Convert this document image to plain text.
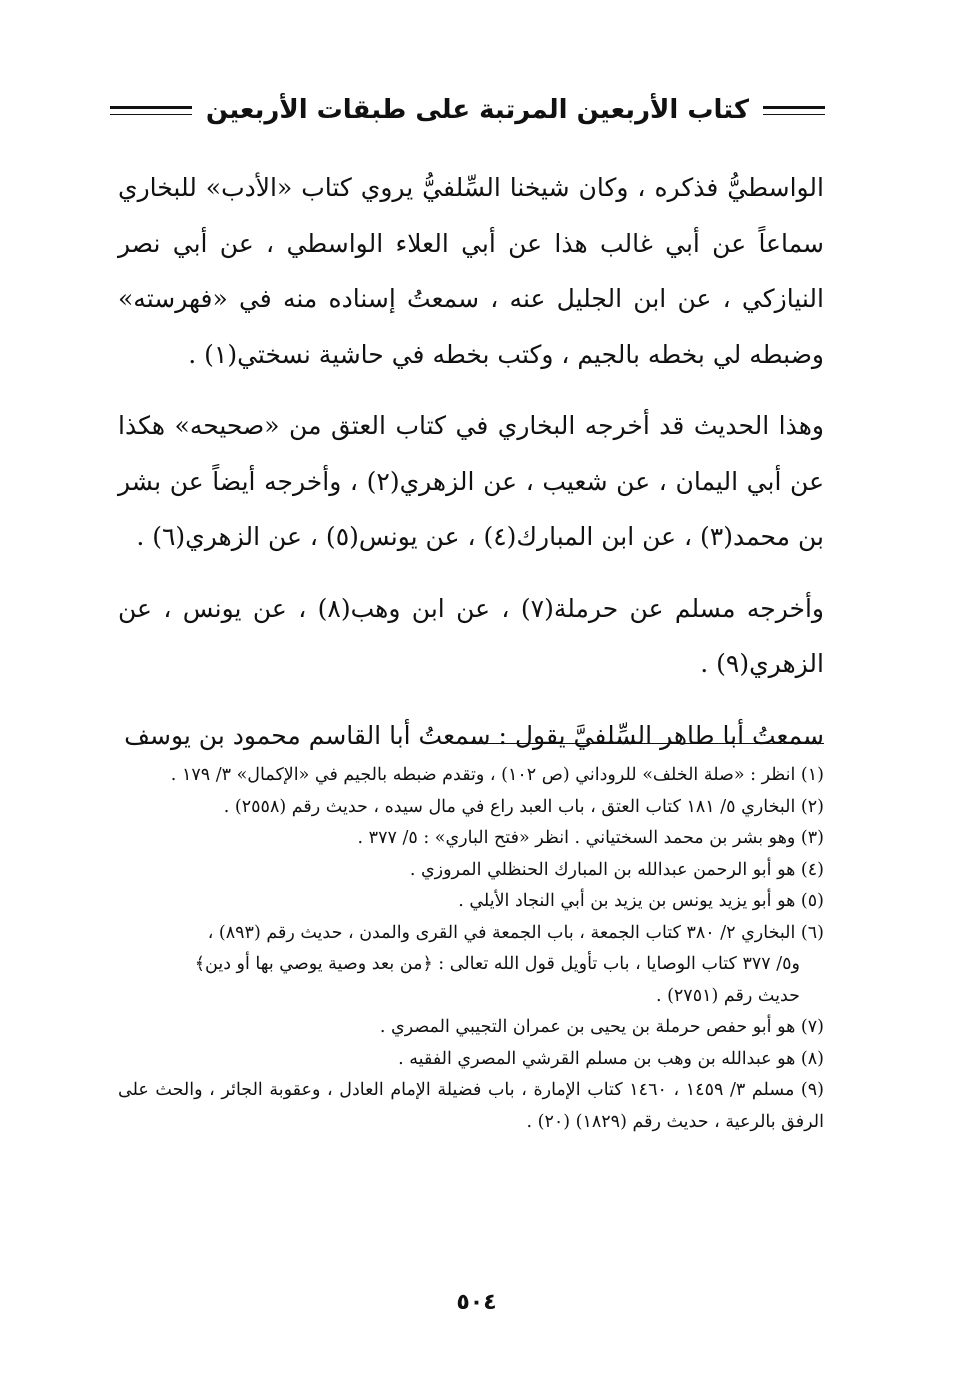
كتاب الأربعين المرتبة على طبقات الأربعين

الواسطيُّ فذكره ، وكان شيخنا السِّلفيُّ يروي كتاب «الأدب» للبخاري سماعاً عن أبي غالب هذا عن أبي العلاء الواسطي ، عن أبي نصر النيازكي ، عن ابن الجليل عنه ، سمعتُ إسناده منه في «فهرسته» وضبطه لي بخطه بالجيم ، وكتب بخطه في حاشية نسختي(١) .

وهذا الحديث قد أخرجه البخاري في كتاب العتق من «صحيحه» هكذا عن أبي اليمان ، عن شعيب ، عن الزهري(٢) ، وأخرجه أيضاً عن بشر بن محمد(٣) ، عن ابن المبارك(٤) ، عن يونس(٥) ، عن الزهري(٦) .

وأخرجه مسلم عن حرملة(٧) ، عن ابن وهب(٨) ، عن يونس ، عن الزهري(٩) .

سمعتُ أبا طاهر السِّلفيَّ يقول : سمعتُ أبا القاسم محمود بن يوسف

(١) انظر : «صلة الخلف» للروداني (ص ١٠٢) ، وتقدم ضبطه بالجيم في «الإكمال» ٣/ ١٧٩ .

(٢) البخاري ٥/ ١٨١ كتاب العتق ، باب العبد راع في مال سيده ، حديث رقم (٢٥٥٨) .

(٣) وهو بشر بن محمد السختياني . انظر «فتح الباري» : ٥/ ٣٧٧ .

(٤) هو أبو الرحمن عبدالله بن المبارك الحنظلي المروزي .

(٥) هو أبو يزيد يونس بن يزيد بن أبي النجاد الأيلي .

(٦) البخاري ٢/ ٣٨٠ كتاب الجمعة ، باب الجمعة في القرى والمدن ، حديث رقم (٨٩٣) ،

و٥/ ٣٧٧ كتاب الوصايا ، باب تأويل قول الله تعالى : ﴿من بعد وصية يوصي بها أو دين﴾

حديث رقم (٢٧٥١) .

(٧) هو أبو حفص حرملة بن يحيى بن عمران التجيبي المصري .

(٨) هو عبدالله بن وهب بن مسلم القرشي المصري الفقيه .

(٩) مسلم ٣/ ١٤٥٩ ، ١٤٦٠ كتاب الإمارة ، باب فضيلة الإمام العادل ، وعقوبة الجائر ، والحث على الرفق بالرعية ، حديث رقم (١٨٢٩) (٢٠) .

٥٠٤
